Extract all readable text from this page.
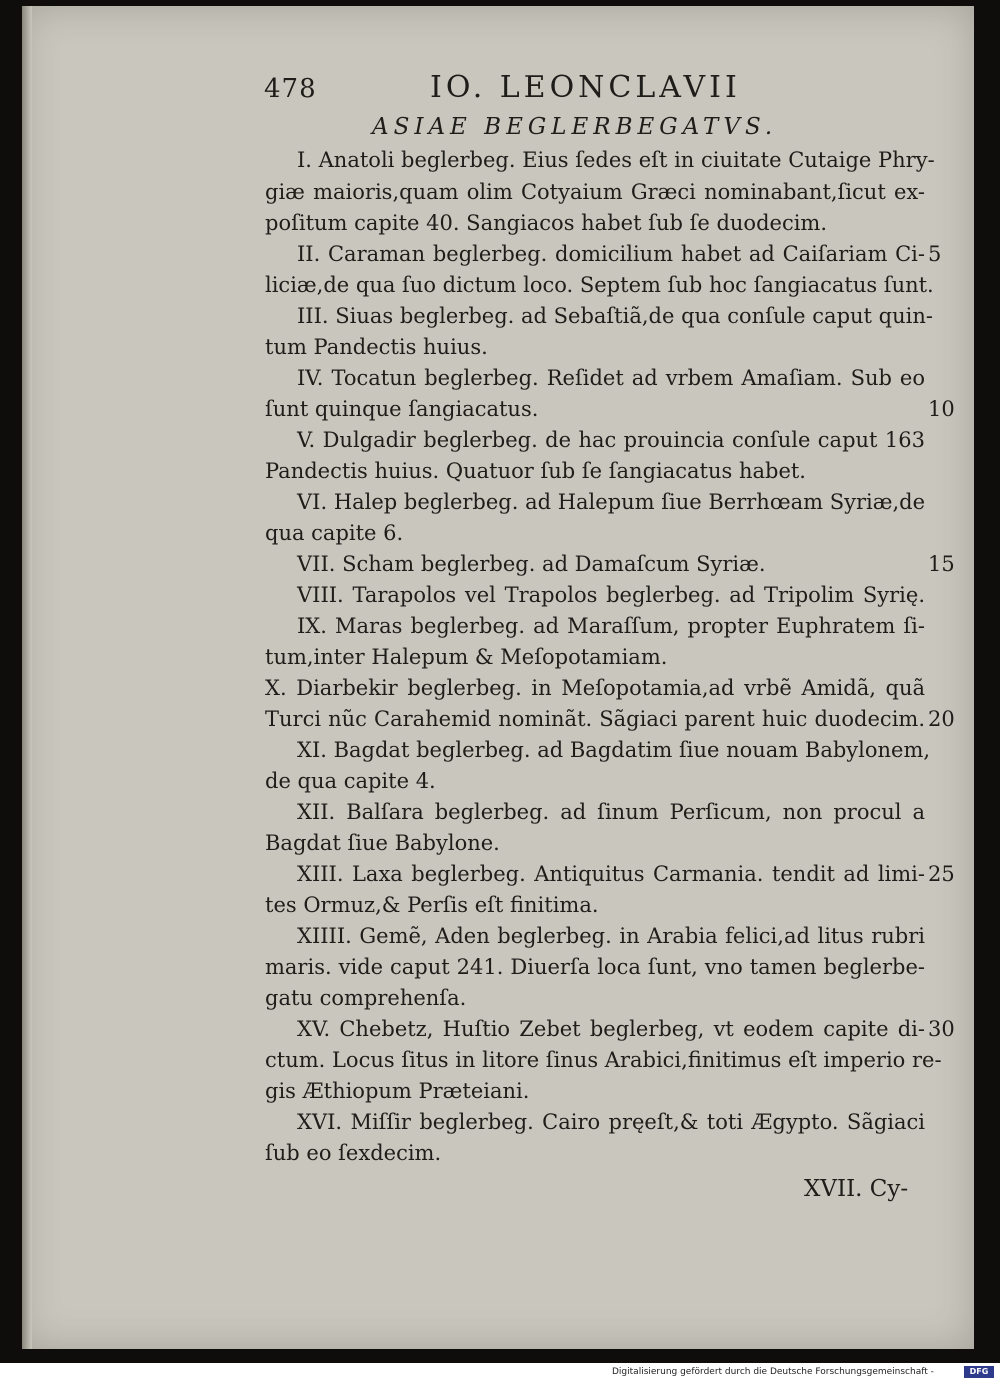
478	IO. LEONCLAVII
ASIAE BEGLERBEGATVS.
I. Anatoli beglerbeg. Eius ſedes eſt in ciuitate Cutaige Phry-
giæ maioris,quam olim Cotyaium Græci nominabant,ſicut ex-
poſitum capite 40. Sangiacos habet ſub ſe duodecim.
II. Caraman beglerbeg. domicilium habet ad Caiſariam Ci-
liciæ,de qua ſuo dictum loco. Septem ſub hoc ſangiacatus ſunt.
III. Siuas beglerbeg. ad Sebaſtiã,de qua conſule caput quin-
tum Pandectis huius.
IV. Tocatun beglerbeg. Reſidet ad vrbem Amaſiam. Sub eo
ſunt quinque ſangiacatus.
V. Dulgadir beglerbeg. de hac prouincia conſule caput 163
Pandectis huius. Quatuor ſub ſe ſangiacatus habet.
VI. Halep beglerbeg. ad Halepum ſiue Berrhœam Syriæ,de
qua capite 6.
VII. Scham beglerbeg. ad Damaſcum Syriæ.
VIII. Tarapolos vel Trapolos beglerbeg. ad Tripolim Syrię.
IX. Maras beglerbeg. ad Maraſſum, propter Euphratem ſi-
tum,inter Halepum & Meſopotamiam.
X. Diarbekir beglerbeg. in Meſopotamia,ad vrbẽ Amidã, quã
Turci nũc Carahemid nominãt. Sãgiaci parent huic duodecim.
XI. Bagdat beglerbeg. ad Bagdatim ſiue nouam Babylonem,
de qua capite 4.
XII. Balſara beglerbeg. ad ſinum Perſicum, non procul a
Bagdat ſiue Babylone.
XIII. Laxa beglerbeg. Antiquitus Carmania. tendit ad limi-
tes Ormuz,& Perſis eſt finitima.
XIIII. Gemẽ, Aden beglerbeg. in Arabia felici,ad litus rubri
maris. vide caput 241. Diuerſa loca ſunt, vno tamen beglerbe-
gatu comprehenſa.
XV. Chebetz, Huſtio Zebet beglerbeg, vt eodem capite di-
ctum. Locus ſitus in litore ſinus Arabici,finitimus eſt imperio re-
gis Æthiopum Præteiani.
XVI. Miſſir beglerbeg. Cairo pręeſt,& toti Ægypto. Sãgiaci
ſub eo ſexdecim.
5
10
15
20
25
30
XVII. Cy-
Digitalisierung gefördert durch die Deutsche Forschungsgemeinschaft -	DFG
